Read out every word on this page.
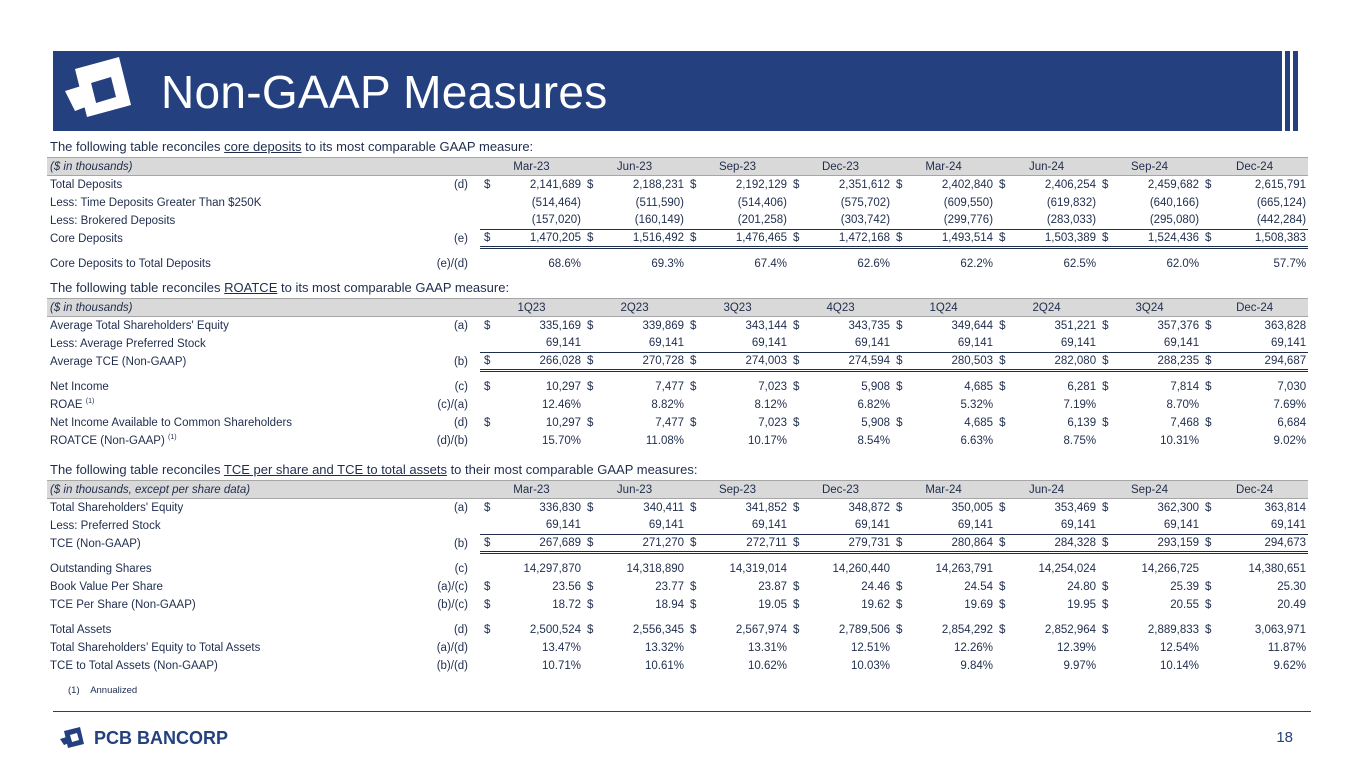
Non-GAAP Measures
The following table reconciles core deposits to its most comparable GAAP measure:
($ in thousands)		Mar-23		Jun-23		Sep-23		Dec-23		Mar-24		Jun-24		Sep-24		Dec-24	
Total Deposits	(d)	$	2,141,689	$	2,188,231	$	2,192,129	$	2,351,612	$	2,402,840	$	2,406,254	$	2,459,682	$	2,615,791
Less: Time Deposits Greater Than $250K			(514,464)		(511,590)		(514,406)		(575,702)		(609,550)		(619,832)		(640,166)		(665,124)
Less: Brokered Deposits			(157,020)		(160,149)		(201,258)		(303,742)		(299,776)		(283,033)		(295,080)		(442,284)
Core Deposits	(e)	$	1,470,205	$	1,516,492	$	1,476,465	$	1,472,168	$	1,493,514	$	1,503,389	$	1,524,436	$	1,508,383

Core Deposits to Total Deposits	(e)/(d)		68.6%		69.3%		67.4%		62.6%		62.2%		62.5%		62.0%		57.7%
The following table reconciles ROATCE to its most comparable GAAP measure:
($ in thousands)		1Q23		2Q23		3Q23		4Q23		1Q24		2Q24		3Q24		Dec-24	
Average Total Shareholders' Equity	(a)	$	335,169	$	339,869	$	343,144	$	343,735	$	349,644	$	351,221	$	357,376	$	363,828
Less: Average Preferred Stock			69,141		69,141		69,141		69,141		69,141		69,141		69,141		69,141
Average TCE (Non-GAAP)	(b)	$	266,028	$	270,728	$	274,003	$	274,594	$	280,503	$	282,080	$	288,235	$	294,687

Net Income	(c)	$	10,297	$	7,477	$	7,023	$	5,908	$	4,685	$	6,281	$	7,814	$	7,030
ROAE $^{(1)}$	(c)/(a)		12.46%		8.82%		8.12%		6.82%		5.32%		7.19%		8.70%		7.69%
Net Income Available to Common Shareholders	(d)	$	10,297	$	7,477	$	7,023	$	5,908	$	4,685	$	6,139	$	7,468	$	6,684
ROATCE (Non-GAAP) $^{(1)}$	(d)/(b)		15.70%		11.08%		10.17%		8.54%		6.63%		8.75%		10.31%		9.02%
The following table reconciles TCE per share and TCE to total assets to their most comparable GAAP measures:
($ in thousands, except per share data)		Mar-23		Jun-23		Sep-23		Dec-23		Mar-24		Jun-24		Sep-24		Dec-24	
Total Shareholders' Equity	(a)	$	336,830	$	340,411	$	341,852	$	348,872	$	350,005	$	353,469	$	362,300	$	363,814
Less: Preferred Stock			69,141		69,141		69,141		69,141		69,141		69,141		69,141		69,141
TCE (Non-GAAP)	(b)	$	267,689	$	271,270	$	272,711	$	279,731	$	280,864	$	284,328	$	293,159	$	294,673

Outstanding Shares	(c)		14,297,870		14,318,890		14,319,014		14,260,440		14,263,791		14,254,024		14,266,725		14,380,651
Book Value Per Share	(a)/(c)	$	23.56	$	23.77	$	23.87	$	24.46	$	24.54	$	24.80	$	25.39	$	25.30
TCE Per Share (Non-GAAP)	(b)/(c)	$	18.72	$	18.94	$	19.05	$	19.62	$	19.69	$	19.95	$	20.55	$	20.49

Total Assets	(d)	$	2,500,524	$	2,556,345	$	2,567,974	$	2,789,506	$	2,854,292	$	2,852,964	$	2,889,833	$	3,063,971
Total Shareholders’ Equity to Total Assets	(a)/(d)		13.47%		13.32%		13.31%		12.51%		12.26%		12.39%		12.54%		11.87%
TCE to Total Assets (Non-GAAP)	(b)/(d)		10.71%		10.61%		10.62%		10.03%		9.84%		9.97%		10.14%		9.62%
(1) Annualized
PCB BANCORP	18
